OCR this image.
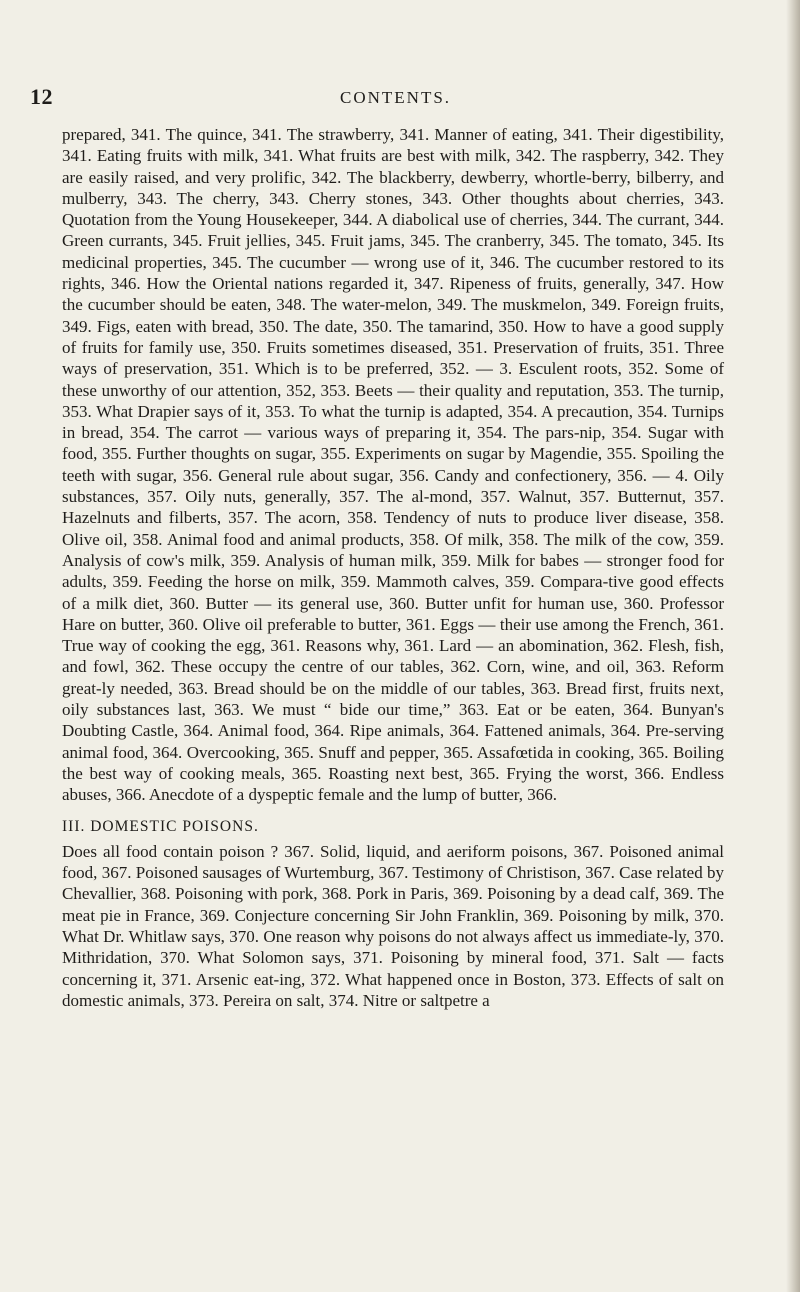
12	CONTENTS.

prepared, 341. The quince, 341. The strawberry, 341. Manner of eating, 341. Their digestibility, 341. Eating fruits with milk, 341. What fruits are best with milk, 342. The raspberry, 342. They are easily raised, and very prolific, 342. The blackberry, dewberry, whortle-berry, bilberry, and mulberry, 343. The cherry, 343. Cherry stones, 343. Other thoughts about cherries, 343. Quotation from the Young Housekeeper, 344. A diabolical use of cherries, 344. The currant, 344. Green currants, 345. Fruit jellies, 345. Fruit jams, 345. The cranberry, 345. The tomato, 345. Its medicinal properties, 345. The cucumber — wrong use of it, 346. The cucumber restored to its rights, 346. How the Oriental nations regarded it, 347. Ripeness of fruits, generally, 347. How the cucumber should be eaten, 348. The water-melon, 349. The muskmelon, 349. Foreign fruits, 349. Figs, eaten with bread, 350. The date, 350. The tamarind, 350. How to have a good supply of fruits for family use, 350. Fruits sometimes diseased, 351. Preservation of fruits, 351. Three ways of preservation, 351. Which is to be preferred, 352. — 3. Esculent roots, 352. Some of these unworthy of our attention, 352, 353. Beets — their quality and reputation, 353. The turnip, 353. What Drapier says of it, 353. To what the turnip is adapted, 354. A precaution, 354. Turnips in bread, 354. The carrot — various ways of preparing it, 354. The pars-nip, 354. Sugar with food, 355. Further thoughts on sugar, 355. Experiments on sugar by Magendie, 355. Spoiling the teeth with sugar, 356. General rule about sugar, 356. Candy and confectionery, 356. — 4. Oily substances, 357. Oily nuts, generally, 357. The al-mond, 357. Walnut, 357. Butternut, 357. Hazelnuts and filberts, 357. The acorn, 358. Tendency of nuts to produce liver disease, 358. Olive oil, 358. Animal food and animal products, 358. Of milk, 358. The milk of the cow, 359. Analysis of cow's milk, 359. Analysis of human milk, 359. Milk for babes — stronger food for adults, 359. Feeding the horse on milk, 359. Mammoth calves, 359. Compara-tive good effects of a milk diet, 360. Butter — its general use, 360. Butter unfit for human use, 360. Professor Hare on butter, 360. Olive oil preferable to butter, 361. Eggs — their use among the French, 361. True way of cooking the egg, 361. Reasons why, 361. Lard — an abomination, 362. Flesh, fish, and fowl, 362. These occupy the centre of our tables, 362. Corn, wine, and oil, 363. Reform great-ly needed, 363. Bread should be on the middle of our tables, 363. Bread first, fruits next, oily substances last, 363. We must “ bide our time,” 363. Eat or be eaten, 364. Bunyan's Doubting Castle, 364. Animal food, 364. Ripe animals, 364. Fattened animals, 364. Pre-serving animal food, 364. Overcooking, 365. Snuff and pepper, 365. Assafœtida in cooking, 365. Boiling the best way of cooking meals, 365. Roasting next best, 365. Frying the worst, 366. Endless abuses, 366. Anecdote of a dyspeptic female and the lump of butter, 366.

III. DOMESTIC POISONS.

Does all food contain poison ? 367. Solid, liquid, and aeriform poisons, 367. Poisoned animal food, 367. Poisoned sausages of Wurtemburg, 367. Testimony of Christison, 367. Case related by Chevallier, 368. Poisoning with pork, 368. Pork in Paris, 369. Poisoning by a dead calf, 369. The meat pie in France, 369. Conjecture concerning Sir John Franklin, 369. Poisoning by milk, 370. What Dr. Whitlaw says, 370. One reason why poisons do not always affect us immediate-ly, 370. Mithridation, 370. What Solomon says, 371. Poisoning by mineral food, 371. Salt — facts concerning it, 371. Arsenic eat-ing, 372. What happened once in Boston, 373. Effects of salt on domestic animals, 373. Pereira on salt, 374. Nitre or saltpetre a
